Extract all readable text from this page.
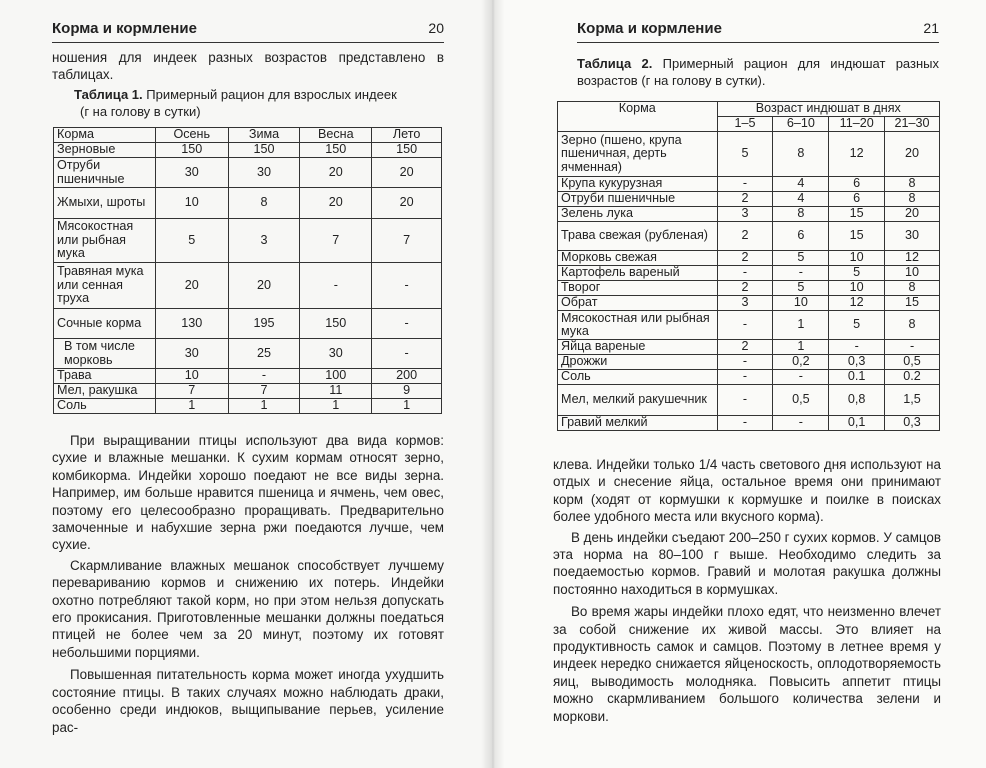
Корма и кормление	20

ношения для индеек разных возрастов представлено в таблицах.

Таблица 1. Примерный рацион для взрослых индеек
(г на голову в сутки)
Корма	Осень	Зима	Весна	Лето
Зерновые	150	150	150	150
Отруби пшеничные	30	30	20	20
Жмыхи, шроты	10	8	20	20
Мясокостная или рыбная мука	5	3	7	7
Травяная мука или сенная труха	20	20	-	-
Сочные корма	130	195	150	-
В том числе морковь	30	25	30	-
Трава	10	-	100	200
Мел, ракушка	7	7	11	9
Соль	1	1	1	1

При выращивании птицы используют два вида кормов: сухие и влажные мешанки. К сухим кормам относят зерно, комбикорма. Индейки хорошо поедают не все виды зерна. Например, им больше нравится пшеница и ячмень, чем овес, поэтому его целесообразно проращивать. Предварительно замоченные и набухшие зерна ржи поедаются лучше, чем сухие.

Скармливание влажных мешанок способствует лучшему перевариванию кормов и снижению их потерь. Индейки охотно потребляют такой корм, но при этом нельзя допускать его прокисания. Приготовленные мешанки должны поедаться птицей не более чем за 20 минут, поэтому их готовят небольшими порциями.

Повышенная питательность корма может иногда ухудшить состояние птицы. В таких случаях можно наблюдать драки, особенно среди индюков, выщипывание перьев, усиление рас-

Корма и кормление	21
Таблица 2. Примерный рацион для индюшат разных возрастов (г на голову в сутки).
Корма	Возраст индюшат в днях			
	1–5	6–10	11–20	21–30
Зерно (пшено, крупа пшеничная, дерть ячменная)	5	8	12	20
Крупа кукурузная	-	4	6	8
Отруби пшеничные	2	4	6	8
Зелень лука	3	8	15	20
Трава свежая (рубленая)	2	6	15	30
Морковь свежая	2	5	10	12
Картофель вареный	-	-	5	10
Творог	2	5	10	8
Обрат	3	10	12	15
Мясокостная или рыбная мука	-	1	5	8
Яйца вареные	2	1	-	-
Дрожжи	-	0,2	0,3	0,5
Соль	-	-	0.1	0.2
Мел, мелкий ракушечник	-	0,5	0,8	1,5
Гравий мелкий	-	-	0,1	0,3

клева. Индейки только 1/4 часть светового дня используют на отдых и снесение яйца, остальное время они принимают корм (ходят от кормушки к кормушке и поилке в поисках более удобного места или вкусного корма).

В день индейки съедают 200–250 г сухих кормов. У самцов эта норма на 80–100 г выше. Необходимо следить за поедаемостью кормов. Гравий и молотая ракушка должны постоянно находиться в кормушках.

Во время жары индейки плохо едят, что неизменно влечет за собой снижение их живой массы. Это влияет на продуктивность самок и самцов. Поэтому в летнее время у индеек нередко снижается яйценоскость, оплодотворяемость яиц, выводимость молодняка. Повысить аппетит птицы можно скармливанием большого количества зелени и моркови.
